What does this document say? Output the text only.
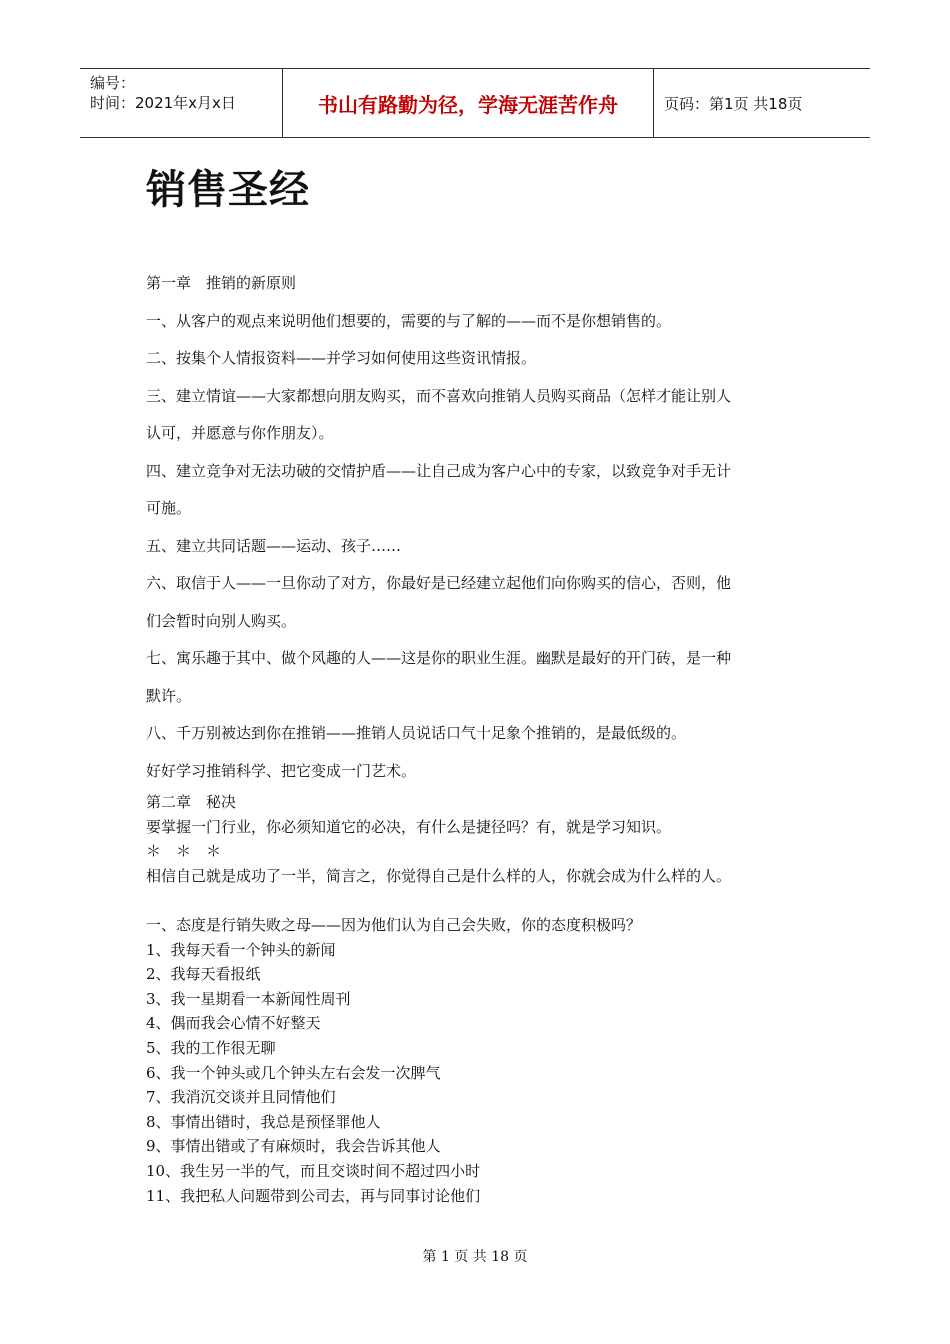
编号：
时间：2021年x月x日	书山有路勤为径，学海无涯苦作舟	页码：第1页 共18页
销售圣经

第一章　推销的新原则

一、从客户的观点来说明他们想要的，需要的与了解的——而不是你想销售的。

二、按集个人情报资料——并学习如何使用这些资讯情报。

三、建立情谊——大家都想向朋友购买，而不喜欢向推销人员购买商品（怎样才能让别人

认可，并愿意与你作朋友）。

四、建立竞争对无法功破的交情护盾——让自己成为客户心中的专家，以致竞争对手无计

可施。

五、建立共同话题——运动、孩子……

六、取信于人——一旦你动了对方，你最好是已经建立起他们向你购买的信心，否则，他

们会暂时向别人购买。

七、寓乐趣于其中、做个风趣的人——这是你的职业生涯。幽默是最好的开门砖，是一种

默许。

八、千万别被达到你在推销——推销人员说话口气十足象个推销的，是最低级的。

好好学习推销科学、把它变成一门艺术。

第二章　秘决

要掌握一门行业，你必须知道它的必决，有什么是捷径吗？有，就是学习知识。

＊　＊　＊

相信自己就是成功了一半，简言之，你觉得自己是什么样的人，你就会成为什么样的人。

一、态度是行销失败之母——因为他们认为自己会失败，你的态度积极吗？

1、我每天看一个钟头的新闻

2、我每天看报纸

3、我一星期看一本新闻性周刊

4、偶而我会心情不好整天

5、我的工作很无聊

6、我一个钟头或几个钟头左右会发一次脾气

7、我消沉交谈并且同情他们

8、事情出错时，我总是预怪罪他人

9、事情出错或了有麻烦时，我会告诉其他人

10、我生另一半的气，而且交谈时间不超过四小时

11、我把私人问题带到公司去，再与同事讨论他们

第 1 页 共 18 页
